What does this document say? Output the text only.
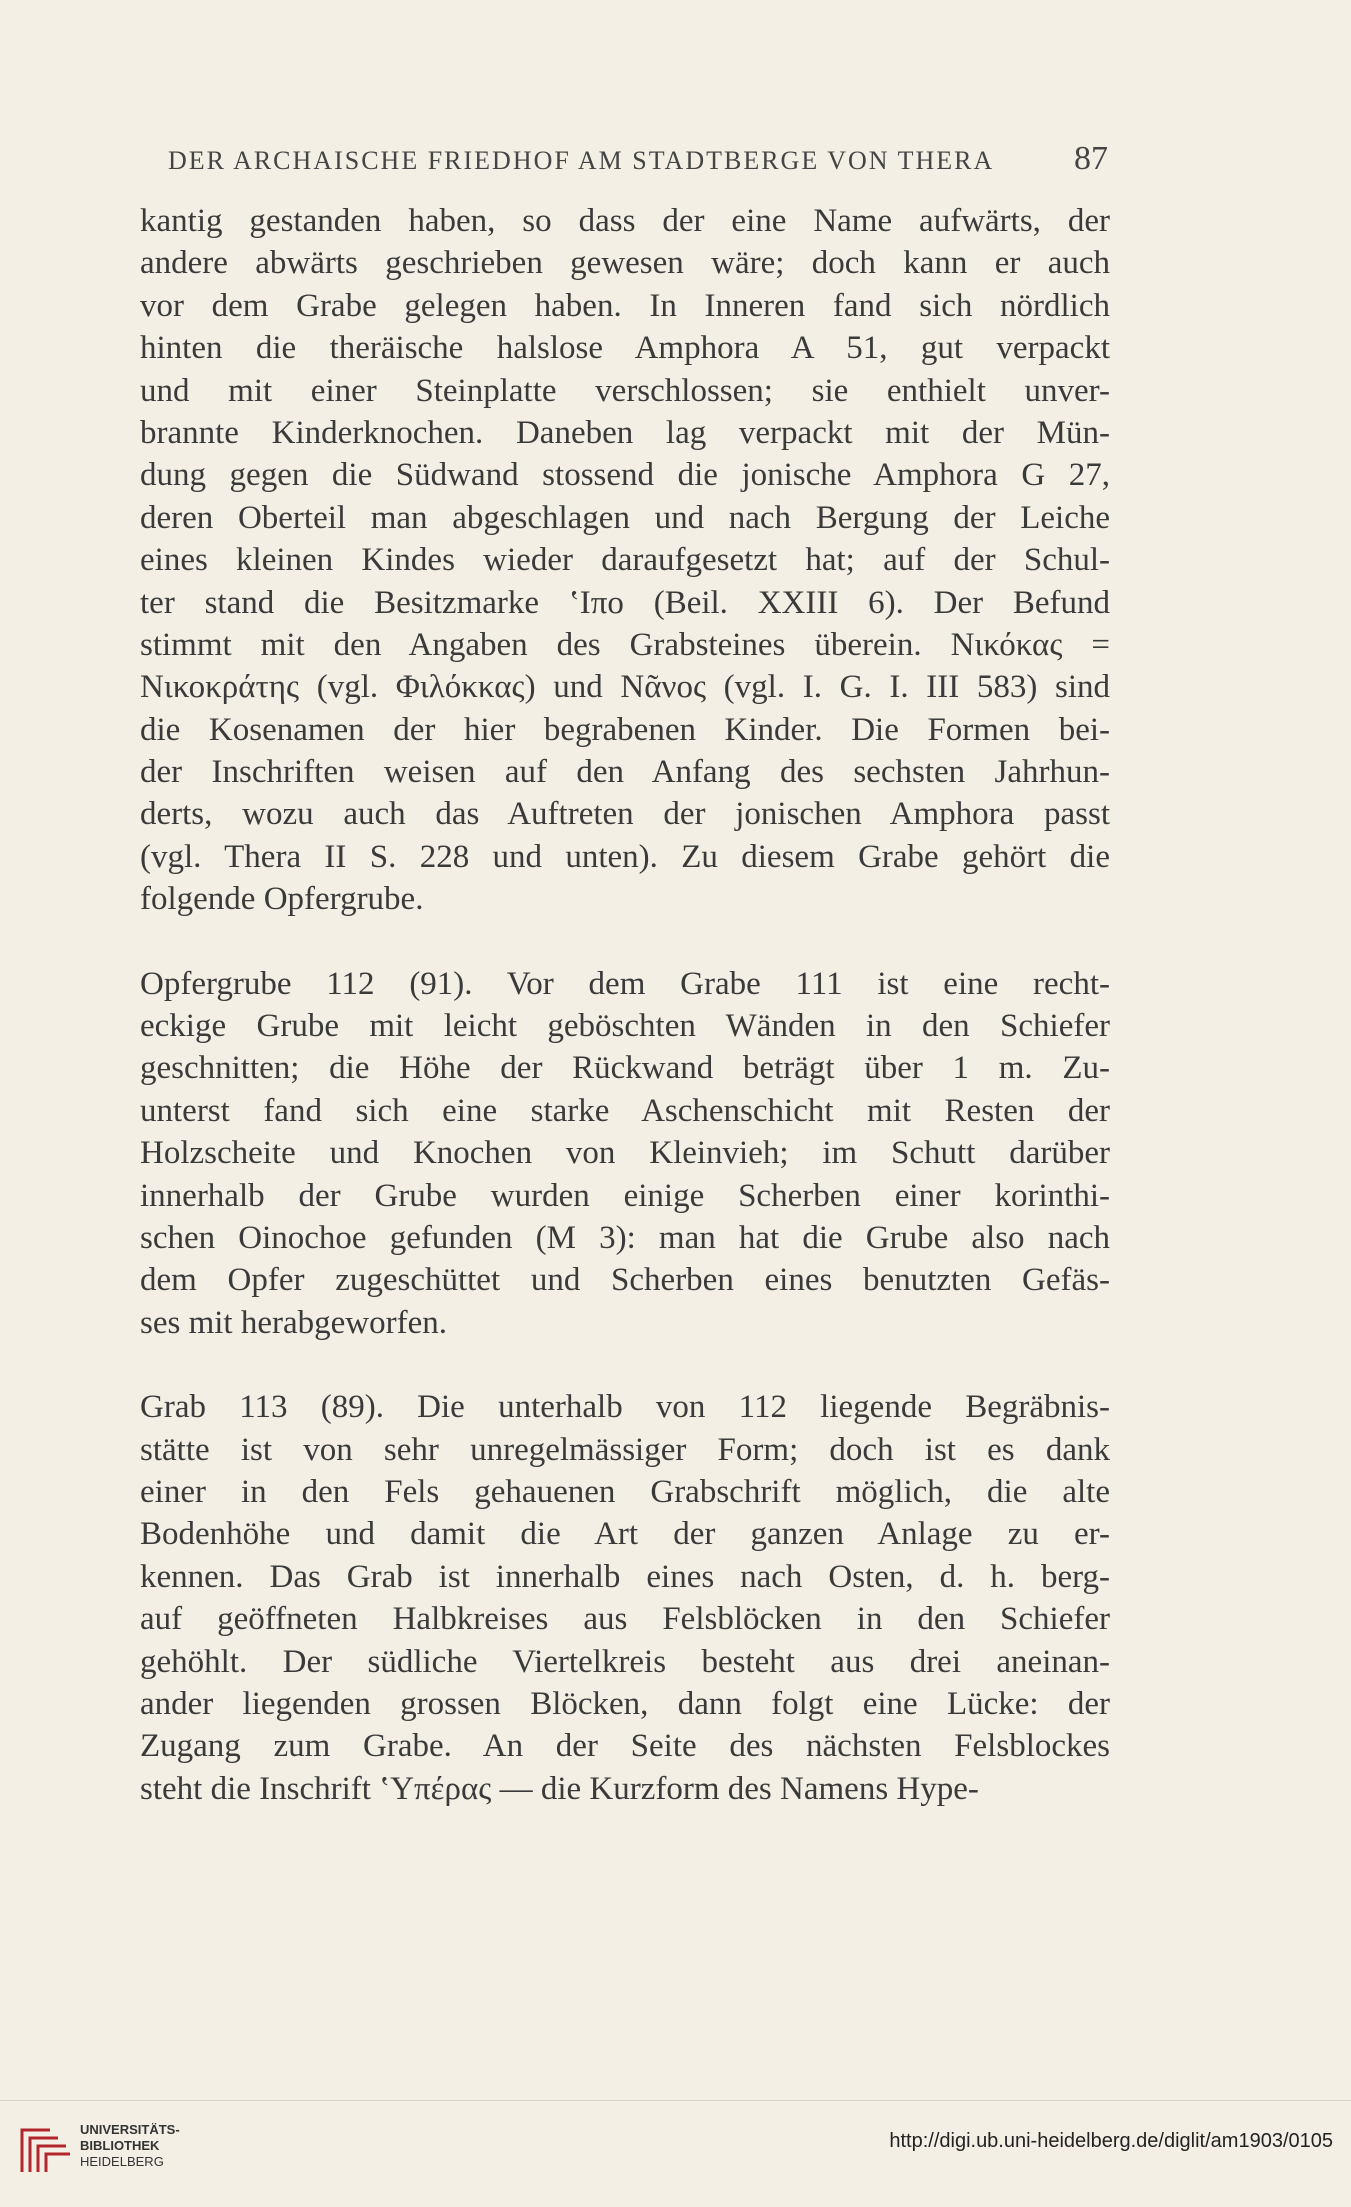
DER ARCHAISCHE FRIEDHOF AM STADTBERGE VON THERA 87
kantig gestanden haben, so dass der eine Name aufwärts, der
andere abwärts geschrieben gewesen wäre; doch kann er auch
vor dem Grabe gelegen haben. In Inneren fand sich nördlich
hinten die theräische halslose Amphora A 51, gut verpackt
und mit einer Steinplatte verschlossen; sie enthielt unver-
brannte Kinderknochen. Daneben lag verpackt mit der Mün-
dung gegen die Südwand stossend die jonische Amphora G 27,
deren Oberteil man abgeschlagen und nach Bergung der Leiche
eines kleinen Kindes wieder daraufgesetzt hat; auf der Schul-
ter stand die Besitzmarke ʽΙπο (Beil. XXIII 6). Der Befund
stimmt mit den Angaben des Grabsteines überein. Νικόκας =
Νικοκράτης (vgl. Φιλόκκας) und Νᾶνος (vgl. I. G. I. III 583) sind
die Kosenamen der hier begrabenen Kinder. Die Formen bei-
der Inschriften weisen auf den Anfang des sechsten Jahrhun-
derts, wozu auch das Auftreten der jonischen Amphora passt
(vgl. Thera II S. 228 und unten). Zu diesem Grabe gehört die
folgende Opfergrube.
Opfergrube 112 (91). Vor dem Grabe 111 ist eine recht-
eckige Grube mit leicht geböschten Wänden in den Schiefer
geschnitten; die Höhe der Rückwand beträgt über 1 m. Zu-
unterst fand sich eine starke Aschenschicht mit Resten der
Holzscheite und Knochen von Kleinvieh; im Schutt darüber
innerhalb der Grube wurden einige Scherben einer korinthi-
schen Oinochoe gefunden (M 3): man hat die Grube also nach
dem Opfer zugeschüttet und Scherben eines benutzten Gefäs-
ses mit herabgeworfen.
Grab 113 (89). Die unterhalb von 112 liegende Begräbnis-
stätte ist von sehr unregelmässiger Form; doch ist es dank
einer in den Fels gehauenen Grabschrift möglich, die alte
Bodenhöhe und damit die Art der ganzen Anlage zu er-
kennen. Das Grab ist innerhalb eines nach Osten, d. h. berg-
auf geöffneten Halbkreises aus Felsblöcken in den Schiefer
gehöhlt. Der südliche Viertelkreis besteht aus drei aneinan-
ander liegenden grossen Blöcken, dann folgt eine Lücke: der
Zugang zum Grabe. An der Seite des nächsten Felsblockes
steht die Inschrift ʽΥπέρας — die Kurzform des Namens Hype-
UNIVERSITÄTS-
BIBLIOTHEK
HEIDELBERG
http://digi.ub.uni-heidelberg.de/diglit/am1903/0105
